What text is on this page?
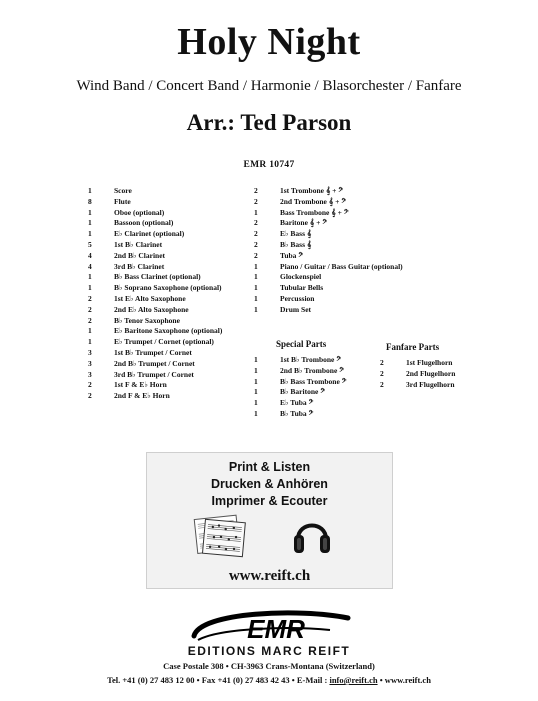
Holy Night
Wind Band / Concert Band / Harmonie / Blasorchester / Fanfare
Arr.: Ted Parson
EMR 10747
1	Score
8	Flute
1	Oboe (optional)
1	Bassoon (optional)
1	E♭ Clarinet (optional)
5	1st B♭ Clarinet
4	2nd B♭ Clarinet
4	3rd B♭ Clarinet
1	B♭ Bass Clarinet (optional)
1	B♭ Soprano Saxophone (optional)
2	1st E♭ Alto Saxophone
2	2nd E♭ Alto Saxophone
2	B♭ Tenor Saxophone
1	E♭ Baritone Saxophone (optional)
1	E♭ Trumpet / Cornet (optional)
3	1st B♭ Trumpet / Cornet
3	2nd B♭ Trumpet / Cornet
3	3rd B♭ Trumpet / Cornet
2	1st F & E♭ Horn
2	2nd F & E♭ Horn
2	1st Trombone 𝄞 + 𝄢
2	2nd Trombone 𝄞 + 𝄢
1	Bass Trombone 𝄞 + 𝄢
2	Baritone 𝄞 + 𝄢
2	E♭ Bass 𝄞
2	B♭ Bass 𝄞
2	Tuba 𝄢
1	Piano / Guitar / Bass Guitar (optional)
1	Glockenspiel
1	Tubular Bells
1	Percussion
1	Drum Set
Special Parts
1	1st B♭ Trombone 𝄢
1	2nd B♭ Trombone 𝄢
1	B♭ Bass Trombone 𝄢
1	B♭ Baritone 𝄢
1	E♭ Tuba 𝄢
1	B♭ Tuba 𝄢
Fanfare Parts
2	1st Flugelhorn
2	2nd Flugelhorn
2	3rd Flugelhorn
Print & Listen
Drucken & Anhören
Imprimer & Ecouter
www.reift.ch
EMR
EDITIONS MARC REIFT
Case Postale 308 • CH-3963 Crans-Montana (Switzerland)
Tel. +41 (0) 27 483 12 00 • Fax +41 (0) 27 483 42 43 • E-Mail : info@reift.ch • www.reift.ch
